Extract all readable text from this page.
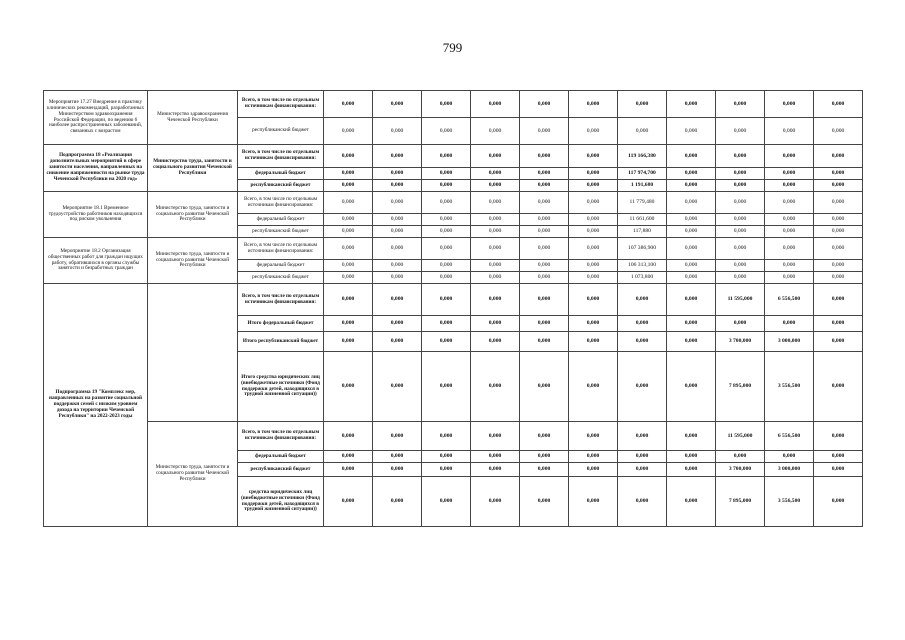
799
Мероприятие 17.27 Внедрение в практику клинических рекомендаций, разработанных Министерством здравоохранения Российской Федерации, по ведению 6 наиболее распространенных заболеваний, связанных с возрастом	Министерство здравоохранения Чеченской Республики	Всего, в том числе по отдельным источникам финансирования:	0,000	0,000	0,000	0,000	0,000	0,000	0,000	0,000	0,000	0,000	0,000
		республиканский бюджет	0,000	0,000	0,000	0,000	0,000	0,000	0,000	0,000	0,000	0,000	0,000
Подпрограмма 18 «Реализация дополнительных мероприятий в сфере занятости населения, направленных на снижение напряженности на рынке труда Чеченской Республики на 2020 год»	Министерство труда, занятости и социального развития Чеченской Республики	Всего, в том числе по отдельным источникам финансирования:	0,000	0,000	0,000	0,000	0,000	0,000	119 166,380	0,000	0,000	0,000	0,000
		федеральный бюджет	0,000	0,000	0,000	0,000	0,000	0,000	117 974,700	0,000	0,000	0,000	0,000
		республиканский бюджет	0,000	0,000	0,000	0,000	0,000	0,000	1 191,680	0,000	0,000	0,000	0,000
Мероприятие 18.1 Временное трудоустройство работников находящихся под риском увольнения	Министерство труда, занятости и социального развития Чеченской Республики	Всего, в том числе по отдельным источникам финансирования:	0,000	0,000	0,000	0,000	0,000	0,000	11 779,480	0,000	0,000	0,000	0,000
		федеральный бюджет	0,000	0,000	0,000	0,000	0,000	0,000	11 661,600	0,000	0,000	0,000	0,000
		республиканский бюджет	0,000	0,000	0,000	0,000	0,000	0,000	117,880	0,000	0,000	0,000	0,000
Мероприятие 18.2 Организация общественных работ для граждан ищущих работу, обратившихся в органы службы занятости и безработных граждан	Министерство труда, занятости и социального развития Чеченской Республики	Всего, в том числе по отдельным источникам финансирования:	0,000	0,000	0,000	0,000	0,000	0,000	107 386,900	0,000	0,000	0,000	0,000
		федеральный бюджет	0,000	0,000	0,000	0,000	0,000	0,000	106 313,100	0,000	0,000	0,000	0,000
		республиканский бюджет	0,000	0,000	0,000	0,000	0,000	0,000	1 073,800	0,000	0,000	0,000	0,000
Подпрограмма 19 "Комплекс мер, направленных на развитие социальной поддержки семей с низким уровнем дохода на территории Чеченской Республики" на 2022-2023 годы		Всего, в том числе по отдельным источникам финансирования:	0,000	0,000	0,000	0,000	0,000	0,000	0,000	0,000	11 595,000	6 556,500	0,000
		Итого федеральный бюджет	0,000	0,000	0,000	0,000	0,000	0,000	0,000	0,000	0,000	0,000	0,000
		Итого республиканский бюджет	0,000	0,000	0,000	0,000	0,000	0,000	0,000	0,000	3 700,000	3 000,000	0,000
		Итого средства юридических лиц (внебюджетные источники (Фонд поддержки детей, находящихся в трудной жизненной ситуации))	0,000	0,000	0,000	0,000	0,000	0,000	0,000	0,000	7 895,000	3 556,500	0,000
	Министерство труда, занятости и социального развития Чеченской Республики	Всего, в том числе по отдельным источникам финансирования:	0,000	0,000	0,000	0,000	0,000	0,000	0,000	0,000	11 595,000	6 556,500	0,000
		федеральный бюджет	0,000	0,000	0,000	0,000	0,000	0,000	0,000	0,000	0,000	0,000	0,000
		республиканский бюджет	0,000	0,000	0,000	0,000	0,000	0,000	0,000	0,000	3 700,000	3 000,000	0,000
		средства юридических лиц (внебюджетные источники (Фонд поддержки детей, находящихся в трудной жизненной ситуации))	0,000	0,000	0,000	0,000	0,000	0,000	0,000	0,000	7 895,000	3 556,500	0,000
